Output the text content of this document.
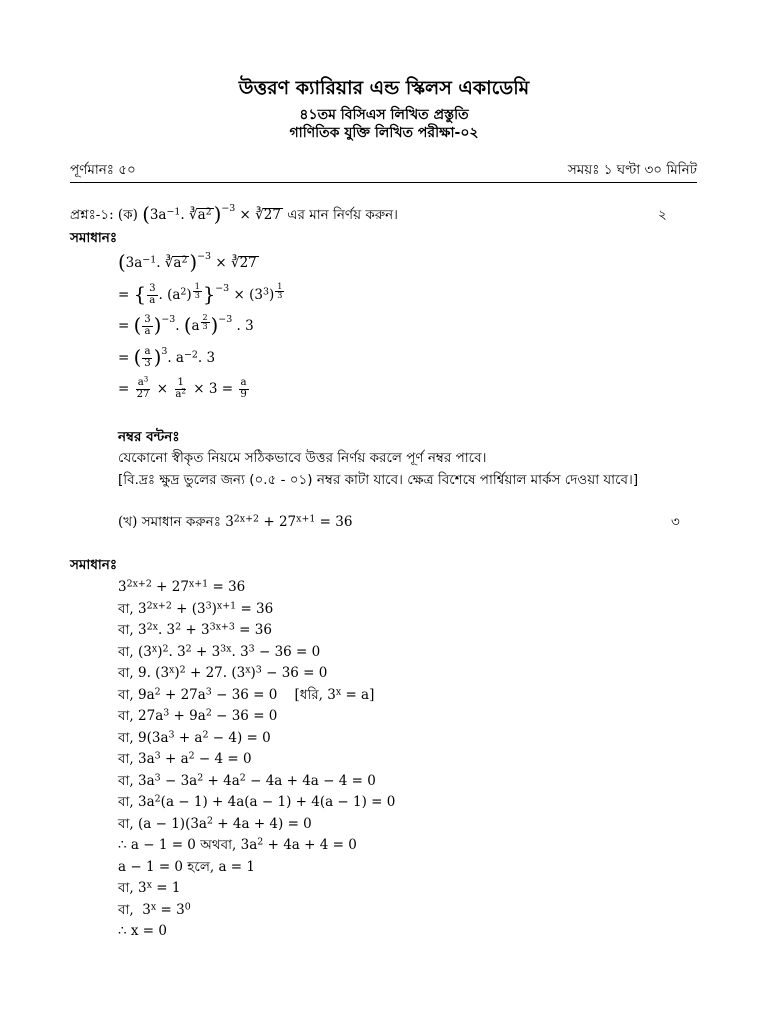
উত্তরণ ক্যারিয়ার এন্ড স্কিলস একাডেমি
৪১তম বিসিএস লিখিত প্রস্তুতি
গাণিতিক যুক্তি লিখিত পরীক্ষা-০২
পূর্ণমানঃ ৫০	সময়ঃ ১ ঘণ্টা ৩০ মিনিট
প্রশ্নঃ-১: (ক) ($3a^{-1}$. $∛a^2$ )$^{-3}$ × ∛27 এর মান নির্ণয় করুন।	২
সমাধানঃ
($3a^{-1}$. $∛a^2$ )$^{-3}$ × ∛27
= { $\frac{3}{a}$ . $(a^2)$ $^{\frac{1}{3}}$ }$^{-3} \times (3^3)$ $^{\frac{1}{3}}$
= ( $\frac{3}{a} )^{-3}$. (a $^{\frac{2}{3}}$ )$^{-3}$ . 3
= ( $\frac{a}{3} )^3$. $a^{-2}$. 3
= $\frac{a^3}{27} \times \frac{1}{a^2} \times 3 = \frac{a}{9}$
নম্বর বন্টনঃ
যেকোনো স্বীকৃত নিয়মে সঠিকভাবে উত্তর নির্ণয় করলে পূর্ণ নম্বর পাবে।
[বি.দ্রঃ ক্ষুদ্র ভুলের জন্য (০.৫ - ০১) নম্বর কাটা যাবে। ক্ষেত্র বিশেষে পার্শ্বিয়াল মার্কস দেওয়া যাবে।]
(খ) সমাধান করুনঃ $3^{2x+2} + 27^{x+1} = 36$	৩
সমাধানঃ
$3^{2x+2} + 27^{x+1} = 36$
বা, $3^{2x+2} + (3^3)^{x+1} = 36$
বা, $3^{2x}$. $3^2 + 3^{3x+3} = 36$
বা, $(3^x)^2$. $3^2 + 3^{3x}$. $3^3 - 36 = 0$
বা, 9. $(3^x)^2 + 27$. $(3^x)^3 - 36 = 0$
বা, $9a^2 + 27a^3 - 36 = 0$    [ধরি, $3^x = a$]
বা, $27a^3 + 9a^2 - 36 = 0$
বা, $9(3a^3 + a^2 - 4) = 0$
বা, $3a^3 + a^2 - 4 = 0$
বা, $3a^3 - 3a^2 + 4a^2 - 4a + 4a - 4 = 0$
বা, $3a^2(a - 1) + 4a(a - 1) + 4(a - 1) = 0$
বা, $(a - 1)(3a^2 + 4a + 4) = 0$
∴ a − 1 = 0 অথবা, $3a^2 + 4a + 4 = 0$
a − 1 = 0 হলে, a = 1
বা, $3^x = 1$
বা,  $3^x = 3^0$
∴ x = 0
